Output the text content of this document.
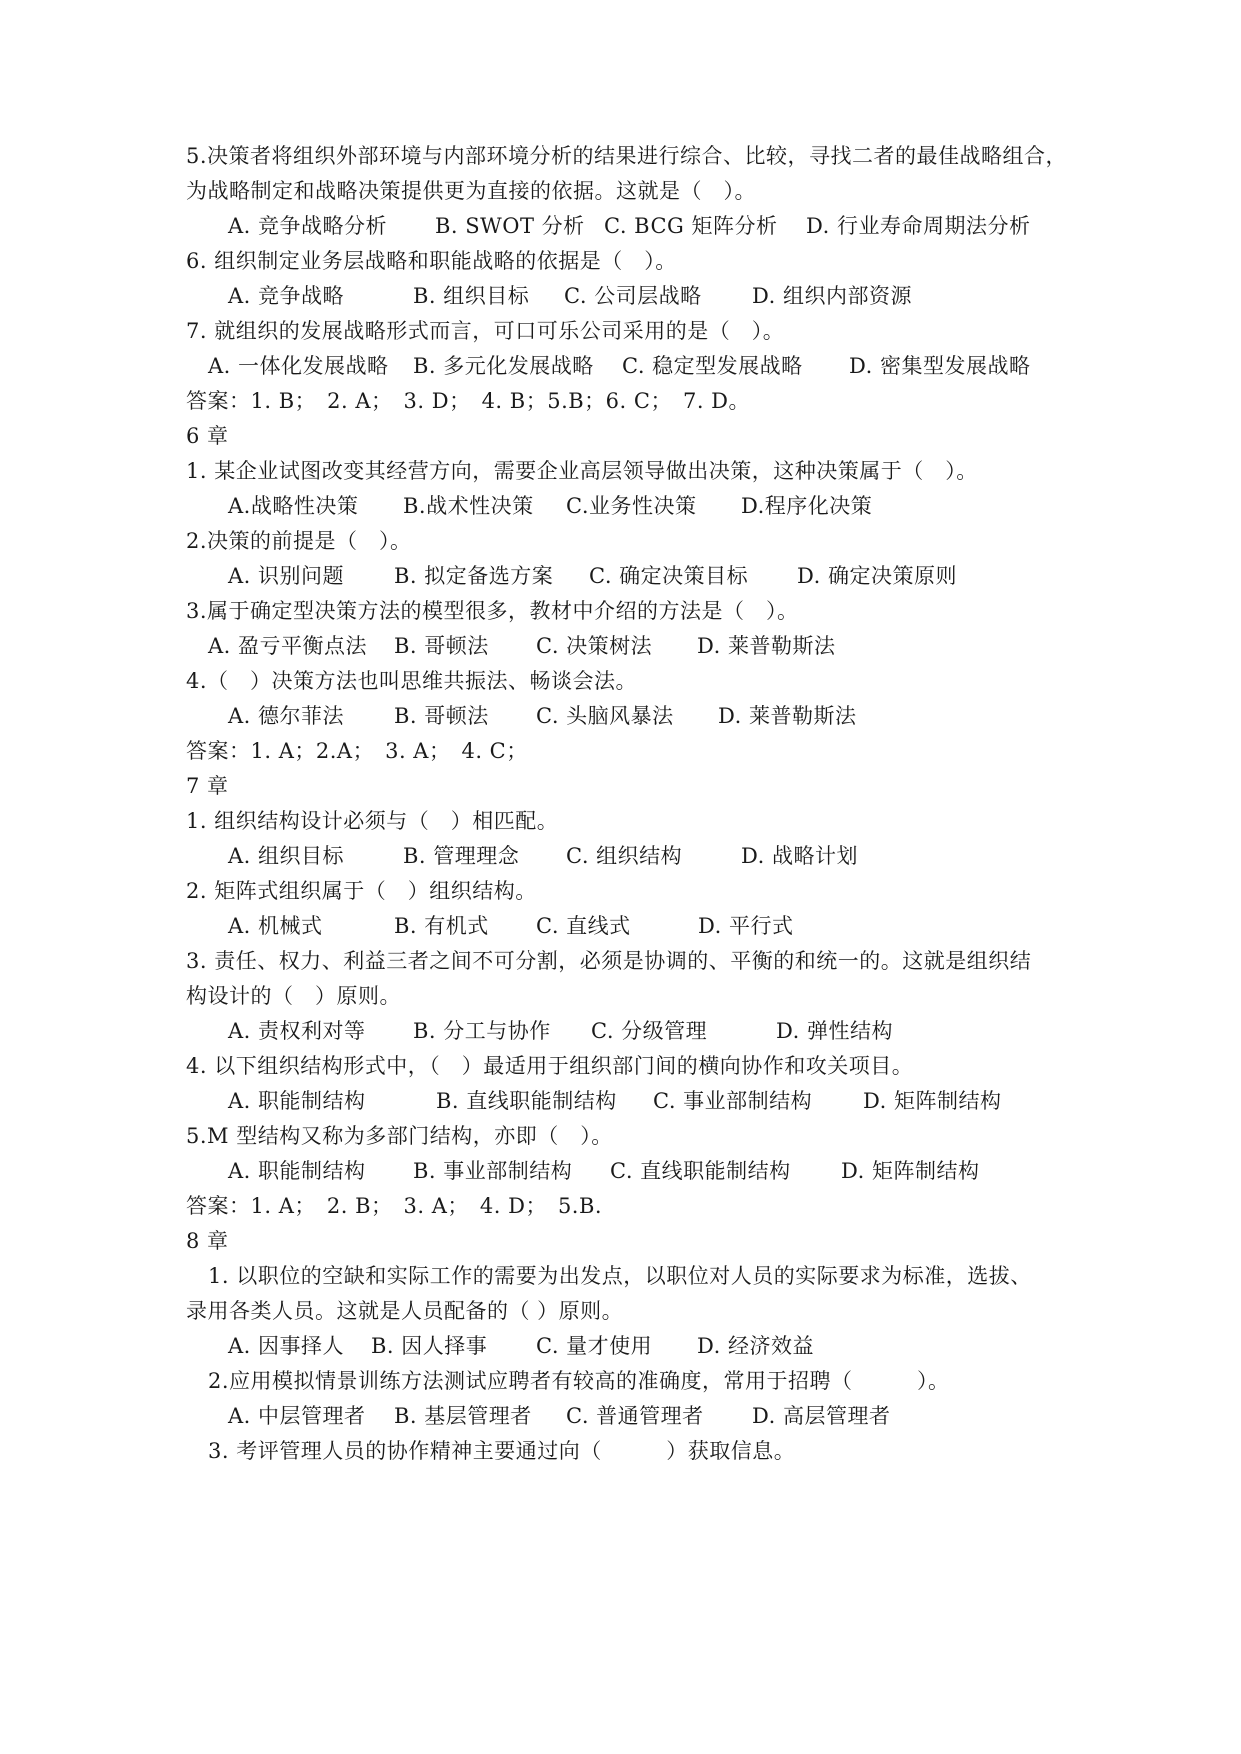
5.决策者将组织外部环境与内部环境分析的结果进行综合、比较，寻找二者的最佳战略组合，
为战略制定和战略决策提供更为直接的依据。这就是（　）。
A. 竞争战略分析 B. SWOT 分析 C. BCG 矩阵分析 D. 行业寿命周期法分析
6. 组织制定业务层战略和职能战略的依据是（　）。
A. 竞争战略	B. 组织目标 C. 公司层战略 D. 组织内部资源
7. 就组织的发展战略形式而言，可口可乐公司采用的是（　）。
A. 一体化发展战略 B. 多元化发展战略 C. 稳定型发展战略 D. 密集型发展战略
答案：1. B；　2. A；　3. D；　4. B；5.B；6. C；　7. D。
6 章
1. 某企业试图改变其经营方向，需要企业高层领导做出决策，这种决策属于（　）。
A.战略性决策 B.战术性决策 C.业务性决策 D.程序化决策
2.决策的前提是（　）。
A. 识别问题 B. 拟定备选方案 C. 确定决策目标 D. 确定决策原则
3.属于确定型决策方法的模型很多，教材中介绍的方法是（　）。
A. 盈亏平衡点法 B. 哥顿法 C. 决策树法 D. 莱普勒斯法
4.（　）决策方法也叫思维共振法、畅谈会法。
A. 德尔菲法 B. 哥顿法 C. 头脑风暴法 D. 莱普勒斯法
答案：1. A；2.A；　3. A；　4. C；
7 章
1. 组织结构设计必须与（　）相匹配。
A. 组织目标	B. 管理理念 C. 组织结构	D. 战略计划
2. 矩阵式组织属于（　）组织结构。
A. 机械式	B. 有机式 C. 直线式	D. 平行式
3. 责任、权力、利益三者之间不可分割，必须是协调的、平衡的和统一的。这就是组织结
构设计的（　）原则。
A. 责权利对等 B. 分工与协作 C. 分级管理	D. 弹性结构
4. 以下组织结构形式中，（　）最适用于组织部门间的横向协作和攻关项目。
A. 职能制结构	B. 直线职能制结构 C. 事业部制结构 D. 矩阵制结构
5.M 型结构又称为多部门结构，亦即（　）。
A. 职能制结构 B. 事业部制结构 C. 直线职能制结构 D. 矩阵制结构
答案：1. A；　2. B；　3. A；　4. D；　5.B.
8 章
1. 以职位的空缺和实际工作的需要为出发点，以职位对人员的实际要求为标准，选拔、
录用各类人员。这就是人员配备的（ ）原则。
A. 因事择人 B. 因人择事 C. 量才使用 D. 经济效益
2.应用模拟情景训练方法测试应聘者有较高的准确度，常用于招聘（　　　）。
A. 中层管理者 B. 基层管理者 C. 普通管理者 D. 高层管理者
3. 考评管理人员的协作精神主要通过向（　　　）获取信息。
